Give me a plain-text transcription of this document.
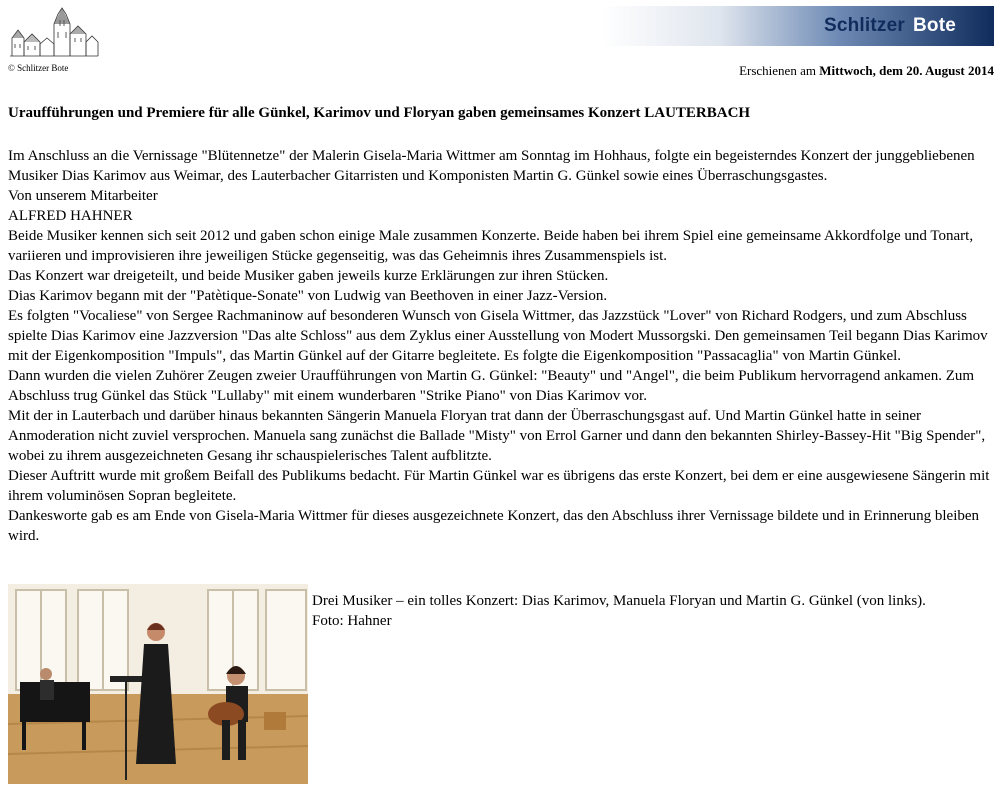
© Schlitzer Bote
Schlitzer Bote
Erschienen am Mittwoch, dem 20. August 2014
Uraufführungen und Premiere für alle Günkel, Karimov und Floryan gaben gemeinsames Konzert LAUTERBACH

Im Anschluss an die Vernissage "Blütennetze" der Malerin Gisela-Maria Wittmer am Sonntag im Hohhaus, folgte ein begeisterndes Konzert der junggebliebenen Musiker Dias Karimov aus Weimar, des Lauterbacher Gitarristen und Komponisten Martin G. Günkel sowie eines Überraschungsgastes.

Von unserem Mitarbeiter

ALFRED HAHNER

Beide Musiker kennen sich seit 2012 und gaben schon einige Male zusammen Konzerte. Beide haben bei ihrem Spiel eine gemeinsame Akkordfolge und Tonart, variieren und improvisieren ihre jeweiligen Stücke gegenseitig, was das Geheimnis ihres Zusammenspiels ist.

Das Konzert war dreigeteilt, und beide Musiker gaben jeweils kurze Erklärungen zur ihren Stücken.

Dias Karimov begann mit der "Patètique-Sonate" von Ludwig van Beethoven in einer Jazz-Version.

Es folgten "Vocaliese" von Sergee Rachmaninow auf besonderen Wunsch von Gisela Wittmer, das Jazzstück "Lover" von Richard Rodgers, und zum Abschluss spielte Dias Karimov eine Jazzversion "Das alte Schloss" aus dem Zyklus einer Ausstellung von Modert Mussorgski. Den gemeinsamen Teil begann Dias Karimov mit der Eigenkomposition "Impuls", das Martin Günkel auf der Gitarre begleitete. Es folgte die Eigenkomposition "Passacaglia" von Martin Günkel.

Dann wurden die vielen Zuhörer Zeugen zweier Uraufführungen von Martin G. Günkel: "Beauty" und "Angel", die beim Publikum hervorragend ankamen. Zum Abschluss trug Günkel das Stück "Lullaby" mit einem wunderbaren "Strike Piano" von Dias Karimov vor.

Mit der in Lauterbach und darüber hinaus bekannten Sängerin Manuela Floryan trat dann der Überraschungsgast auf. Und Martin Günkel hatte in seiner Anmoderation nicht zuviel versprochen. Manuela sang zunächst die Ballade "Misty" von Errol Garner und dann den bekannten Shirley-Bassey-Hit "Big Spender", wobei zu ihrem ausgezeichneten Gesang ihr schauspielerisches Talent aufblitzte.

Dieser Auftritt wurde mit großem Beifall des Publikums bedacht. Für Martin Günkel war es übrigens das erste Konzert, bei dem er eine ausgewiesene Sängerin mit ihrem voluminösen Sopran begleitete.

Dankesworte gab es am Ende von Gisela-Maria Wittmer für dieses ausgezeichnete Konzert, das den Abschluss ihrer Vernissage bildete und in Erinnerung bleiben wird.

Drei Musiker – ein tolles Konzert: Dias Karimov, Manuela Floryan und Martin G. Günkel (von links).
Foto: Hahner
